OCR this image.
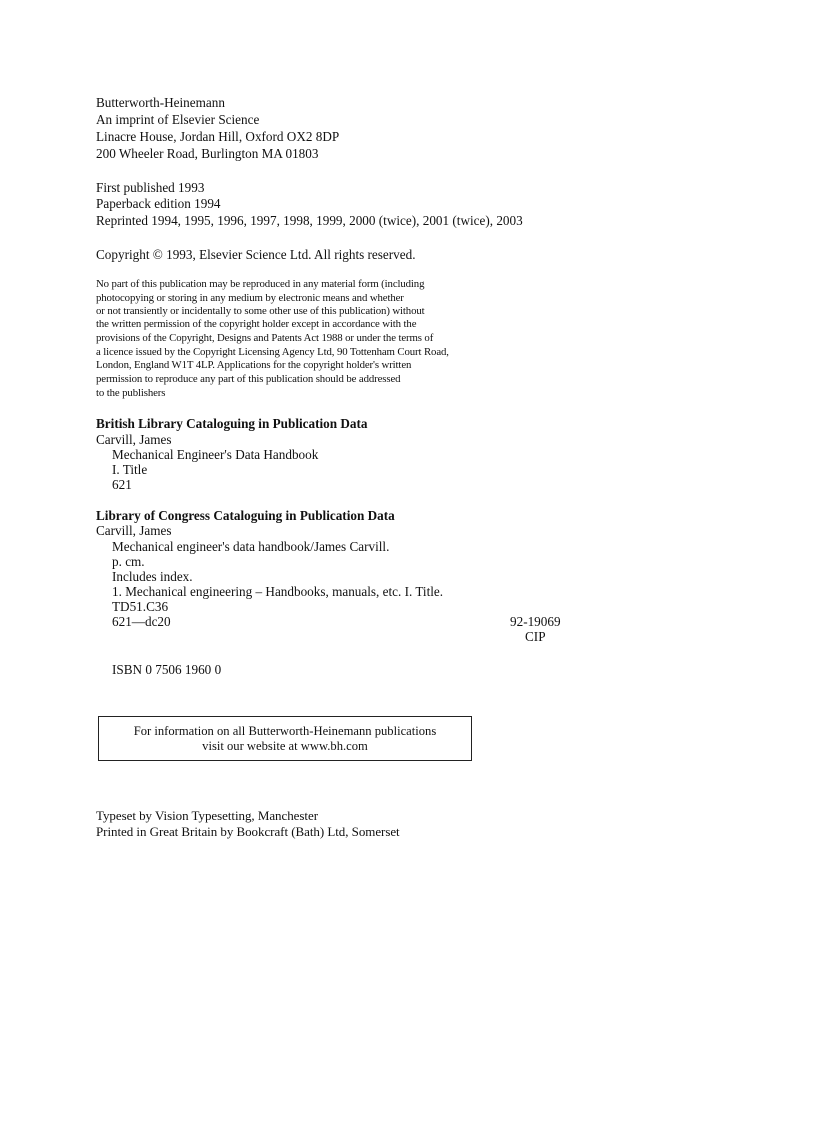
Butterworth-Heinemann
An imprint of Elsevier Science
Linacre House, Jordan Hill, Oxford OX2 8DP
200 Wheeler Road, Burlington MA 01803
First published 1993
Paperback edition 1994
Reprinted 1994, 1995, 1996, 1997, 1998, 1999, 2000 (twice), 2001 (twice), 2003
Copyright © 1993, Elsevier Science Ltd. All rights reserved.
No part of this publication may be reproduced in any material form (including
photocopying or storing in any medium by electronic means and whether
or not transiently or incidentally to some other use of this publication) without
the written permission of the copyright holder except in accordance with the
provisions of the Copyright, Designs and Patents Act 1988 or under the terms of
a licence issued by the Copyright Licensing Agency Ltd, 90 Tottenham Court Road,
London, England W1T 4LP. Applications for the copyright holder's written
permission to reproduce any part of this publication should be addressed
to the publishers
British Library Cataloguing in Publication Data
Carvill, James
Mechanical Engineer's Data Handbook
I. Title
621
Library of Congress Cataloguing in Publication Data
Carvill, James
Mechanical engineer's data handbook/James Carvill.
p. cm.
Includes index.
1. Mechanical engineering – Handbooks, manuals, etc. I. Title.
TD51.C36
621—dc20	92-19069
CIP
ISBN 0 7506 1960 0
For information on all Butterworth-Heinemann publications
visit our website at www.bh.com
Typeset by Vision Typesetting, Manchester
Printed in Great Britain by Bookcraft (Bath) Ltd, Somerset
